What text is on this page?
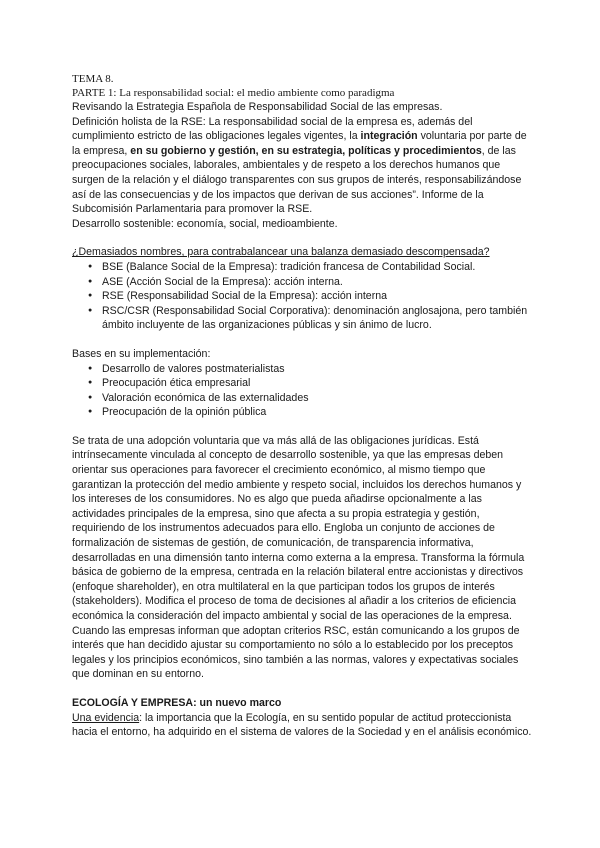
TEMA 8.

PARTE 1: La responsabilidad social: el medio ambiente como paradigma

Revisando la Estrategia Española de Responsabilidad Social de las empresas.

Definición holista de la RSE: La responsabilidad social de la empresa es, además del cumplimiento estricto de las obligaciones legales vigentes, la integración voluntaria por parte de la empresa, en su gobierno y gestión, en su estrategia, políticas y procedimientos, de las preocupaciones sociales, laborales, ambientales y de respeto a los derechos humanos que surgen de la relación y el diálogo transparentes con sus grupos de interés, responsabilizándose así de las consecuencias y de los impactos que derivan de sus acciones”. Informe de la Subcomisión Parlamentaria para promover la RSE.

Desarrollo sostenible: economía, social, medioambiente.

¿Demasiados nombres, para contrabalancear una balanza demasiado descompensada?

● BSE (Balance Social de la Empresa): tradición francesa de Contabilidad Social.
● ASE (Acción Social de la Empresa): acción interna.
● RSE (Responsabilidad Social de la Empresa): acción interna
● RSC/CSR (Responsabilidad Social Corporativa): denominación anglosajona, pero también ámbito incluyente de las organizaciones públicas y sin ánimo de lucro.

Bases en su implementación:

● Desarrollo de valores postmaterialistas
● Preocupación ética empresarial
● Valoración económica de las externalidades
● Preocupación de la opinión pública

Se trata de una adopción voluntaria que va más allá de las obligaciones jurídicas. Está intrínsecamente vinculada al concepto de desarrollo sostenible, ya que las empresas deben orientar sus operaciones para favorecer el crecimiento económico, al mismo tiempo que garantizan la protección del medio ambiente y respeto social, incluidos los derechos humanos y los intereses de los consumidores. No es algo que pueda añadirse opcionalmente a las actividades principales de la empresa, sino que afecta a su propia estrategia y gestión, requiriendo de los instrumentos adecuados para ello. Engloba un conjunto de acciones de formalización de sistemas de gestión, de comunicación, de transparencia informativa, desarrolladas en una dimensión tanto interna como externa a la empresa. Transforma la fórmula básica de gobierno de la empresa, centrada en la relación bilateral entre accionistas y directivos (enfoque shareholder), en otra multilateral en la que participan todos los grupos de interés (stakeholders). Modifica el proceso de toma de decisiones al añadir a los criterios de eficiencia económica la consideración del impacto ambiental y social de las operaciones de la empresa. Cuando las empresas informan que adoptan criterios RSC, están comunicando a los grupos de interés que han decidido ajustar su comportamiento no sólo a lo establecido por los preceptos legales y los principios económicos, sino también a las normas, valores y expectativas sociales que dominan en su entorno.

ECOLOGÍA Y EMPRESA: un nuevo marco

Una evidencia: la importancia que la Ecología, en su sentido popular de actitud proteccionista hacia el entorno, ha adquirido en el sistema de valores de la Sociedad y en el análisis económico.
